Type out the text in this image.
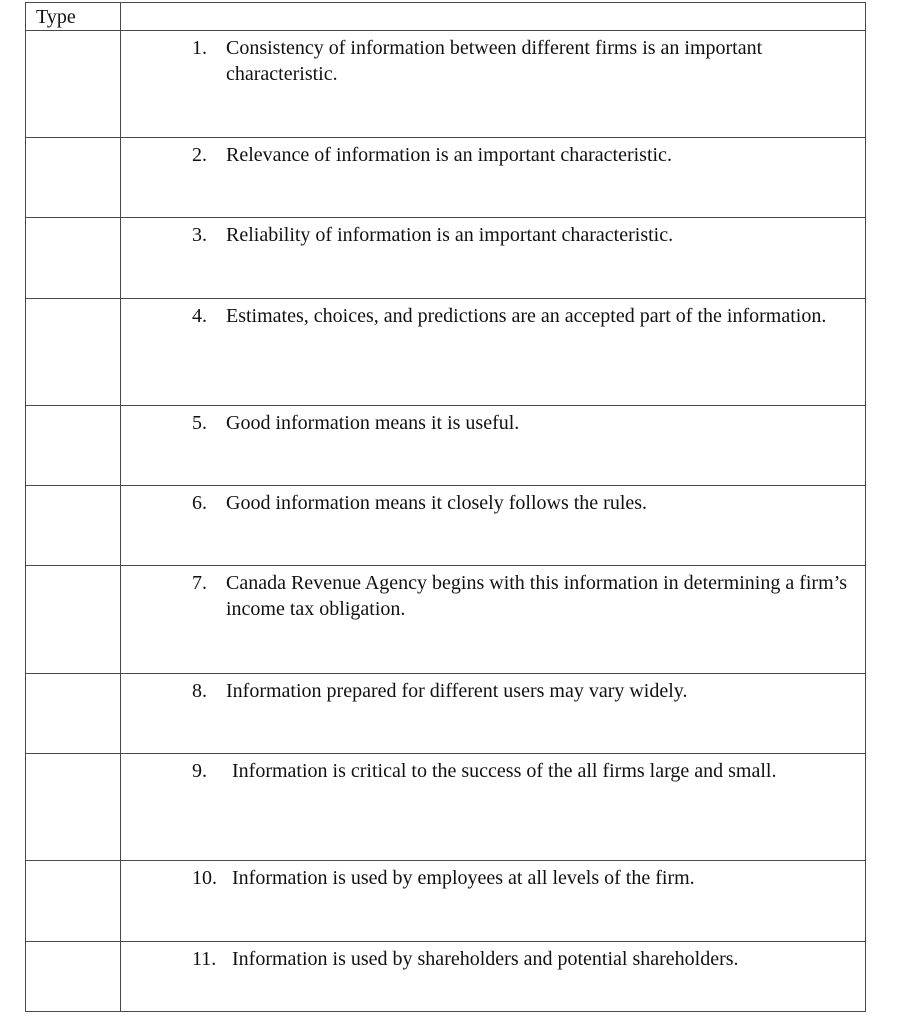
Type	

	1. Consistency of information between different firms is an important characteristic.

	2. Relevance of information is an important characteristic.

	3. Reliability of information is an important characteristic.

	4. Estimates, choices, and predictions are an accepted part of the information.

	5. Good information means it is useful.

	6. Good information means it closely follows the rules.

	7. Canada Revenue Agency begins with this information in determining a firm’s income tax obligation.

	8. Information prepared for different users may vary widely.

	9. Information is critical to the success of the all firms large and small.

	10. Information is used by employees at all levels of the firm.

	11. Information is used by shareholders and potential shareholders.
